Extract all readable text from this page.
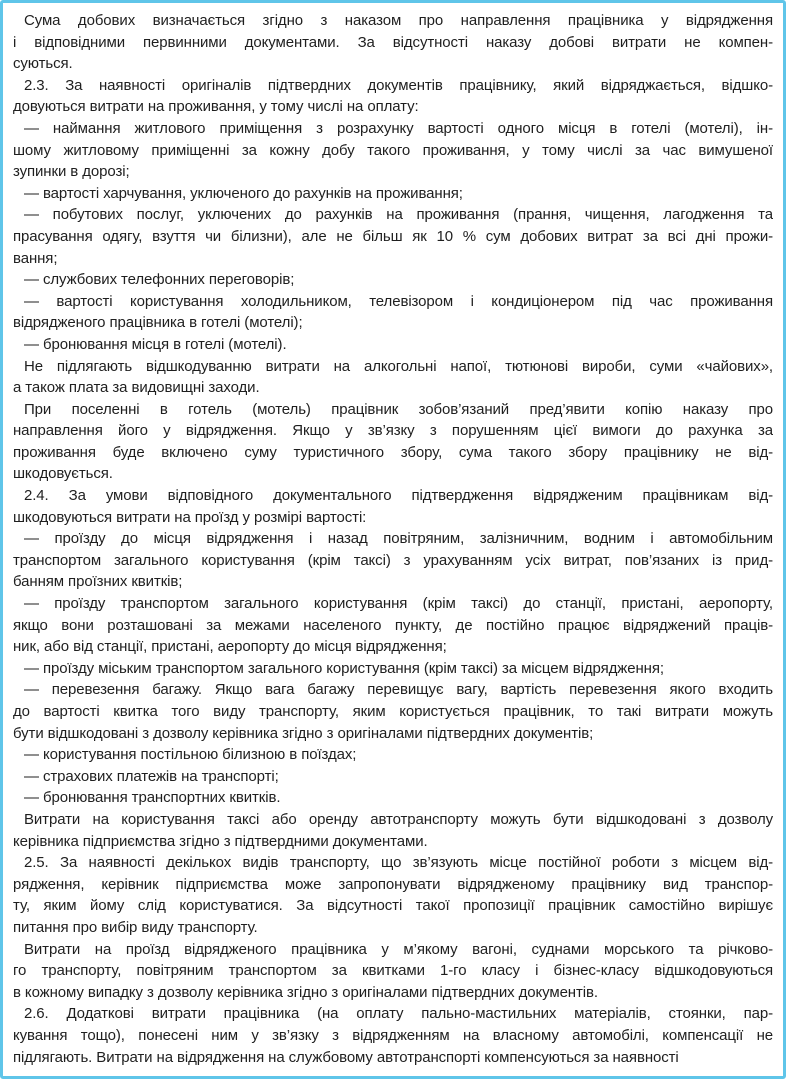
Сума добових визначається згідно з наказом про направлення працівника у відрядження
і відповідними первинними документами. За відсутності наказу добові витрати не компен-
суються.
2.3. За наявності оригіналів підтвердних документів працівнику, який відряджається, відшко-
довуються витрати на проживання, у тому числі на оплату:
— наймання житлового приміщення з розрахунку вартості одного місця в готелі (мотелі), ін-
шому житловому приміщенні за кожну добу такого проживання, у тому числі за час вимушеної
зупинки в дорозі;
— вартості харчування, уключеного до рахунків на проживання;
— побутових послуг, уключених до рахунків на проживання (прання, чищення, лагодження та
прасування одягу, взуття чи білизни), але не більш як 10 % сум добових витрат за всі дні прожи-
вання;
— службових телефонних переговорів;
— вартості користування холодильником, телевізором і кондиціонером під час проживання
відрядженого працівника в готелі (мотелі);
— бронювання місця в готелі (мотелі).
Не підлягають відшкодуванню витрати на алкогольні напої, тютюнові вироби, суми «чайових»,
а також плата за видовищні заходи.
При поселенні в готель (мотель) працівник зобов’язаний пред’явити копію наказу про
направлення його у відрядження. Якщо у зв’язку з порушенням цієї вимоги до рахунка за
проживання буде включено суму туристичного збору, сума такого збору працівнику не від-
шкодовується.
2.4. За умови відповідного документального підтвердження відрядженим працівникам від-
шкодовуються витрати на проїзд у розмірі вартості:
— проїзду до місця відрядження і назад повітряним, залізничним, водним і автомобільним
транспортом загального користування (крім таксі) з урахуванням усіх витрат, пов’язаних із прид-
банням проїзних квитків;
— проїзду транспортом загального користування (крім таксі) до станції, пристані, аеропорту,
якщо вони розташовані за межами населеного пункту, де постійно працює відряджений праців-
ник, або від станції, пристані, аеропорту до місця відрядження;
— проїзду міським транспортом загального користування (крім таксі) за місцем відрядження;
— перевезення багажу. Якщо вага багажу перевищує вагу, вартість перевезення якого входить
до вартості квитка того виду транспорту, яким користується працівник, то такі витрати можуть
бути відшкодовані з дозволу керівника згідно з оригіналами підтвердних документів;
— користування постільною білизною в поїздах;
— страхових платежів на транспорті;
— бронювання транспортних квитків.
Витрати на користування таксі або оренду автотранспорту можуть бути відшкодовані з дозволу
керівника підприємства згідно з підтвердними документами.
2.5. За наявності декількох видів транспорту, що зв’язують місце постійної роботи з місцем від-
рядження, керівник підприємства може запропонувати відрядженому працівнику вид транспор-
ту, яким йому слід користуватися. За відсутності такої пропозиції працівник самостійно вирішує
питання про вибір виду транспорту.
Витрати на проїзд відрядженого працівника у м’якому вагоні, суднами морського та річково-
го транспорту, повітряним транспортом за квитками 1-го класу і бізнес-класу відшкодовуються
в кожному випадку з дозволу керівника згідно з оригіналами підтвердних документів.
2.6. Додаткові витрати працівника (на оплату пально-мастильних матеріалів, стоянки, пар-
кування тощо), понесені ним у зв’язку з відрядженням на власному автомобілі, компенсації не
підлягають. Витрати на відрядження на службовому автотранспорті компенсуються за наявності
